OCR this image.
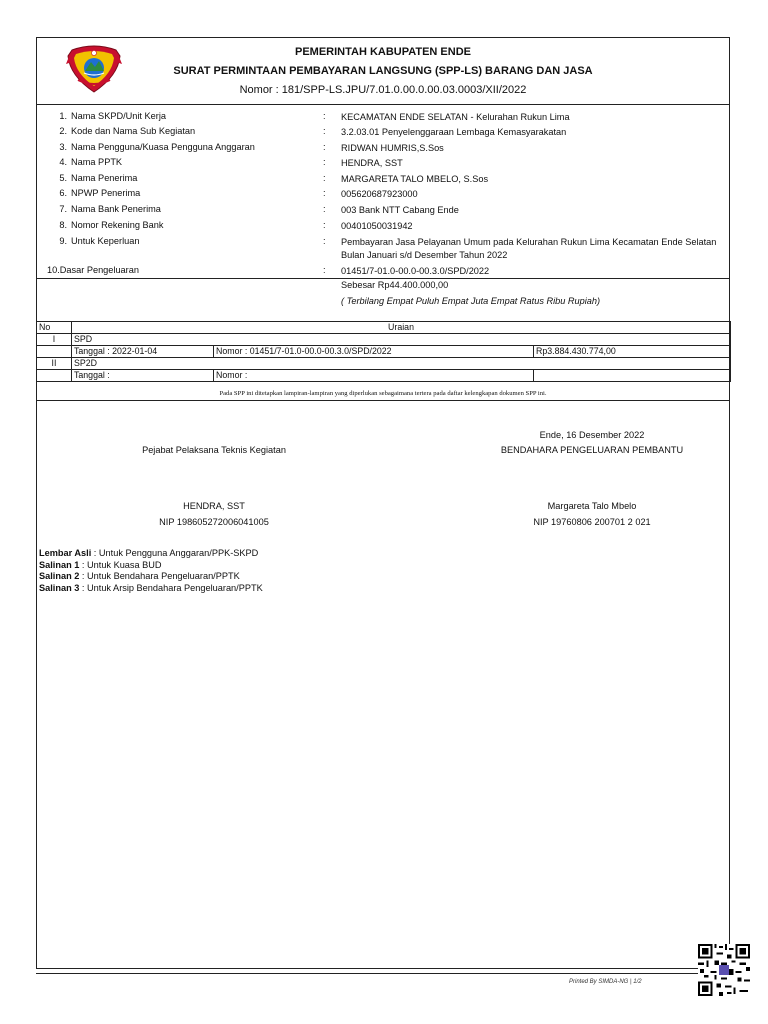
PEMERINTAH KABUPATEN ENDE
SURAT PERMINTAAN PEMBAYARAN LANGSUNG (SPP-LS) BARANG DAN JASA
Nomor : 181/SPP-LS.JPU/7.01.0.00.0.00.03.0003/XII/2022
1. Nama SKPD/Unit Kerja	: KECAMATAN ENDE SELATAN - Kelurahan Rukun Lima
2. Kode dan Nama Sub Kegiatan	: 3.2.03.01 Penyelenggaraan Lembaga Kemasyarakatan
3. Nama Pengguna/Kuasa Pengguna Anggaran	: RIDWAN HUMRIS,S.Sos
4. Nama PPTK	: HENDRA, SST
5. Nama Penerima	: MARGARETA TALO MBELO, S.Sos
6. NPWP Penerima	: 005620687923000
7. Nama Bank Penerima	: 003 Bank NTT Cabang Ende
8. Nomor Rekening Bank	: 00401050031942
9. Untuk Keperluan	: Pembayaran Jasa Pelayanan Umum pada Kelurahan Rukun Lima Kecamatan Ende Selatan Bulan Januari s/d Desember Tahun 2022
10.Dasar Pengeluaran	: 01451/7-01.0-00.0-00.3.0/SPD/2022
Sebesar Rp44.400.000,00
( Terbilang Empat Puluh Empat Juta Empat Ratus Ribu Rupiah)
No	Uraian		
I	SPD		
	Tanggal : 2022-01-04	Nomor : 01451/7-01.0-00.0-00.3.0/SPD/2022	Rp3.884.430.774,00
II	SP2D		
	Tanggal :	Nomor :	
Pada SPP ini ditetapkan lampiran-lampiran yang diperlukan sebagaimana tertera pada daftar kelengkapan dokumen SPP ini.
Ende, 16 Desember 2022
Pejabat Pelaksana Teknis Kegiatan	BENDAHARA PENGELUARAN PEMBANTU
HENDRA, SST
NIP 198605272006041005
Margareta Talo Mbelo
NIP 19760806 200701 2 021
Lembar Asli : Untuk Pengguna Anggaran/PPK-SKPD
Salinan 1 : Untuk Kuasa BUD
Salinan 2 : Untuk Bendahara Pengeluaran/PPTK
Salinan 3 : Untuk Arsip Bendahara Pengeluaran/PPTK
Printed By SIMDA-NG | 1/2
